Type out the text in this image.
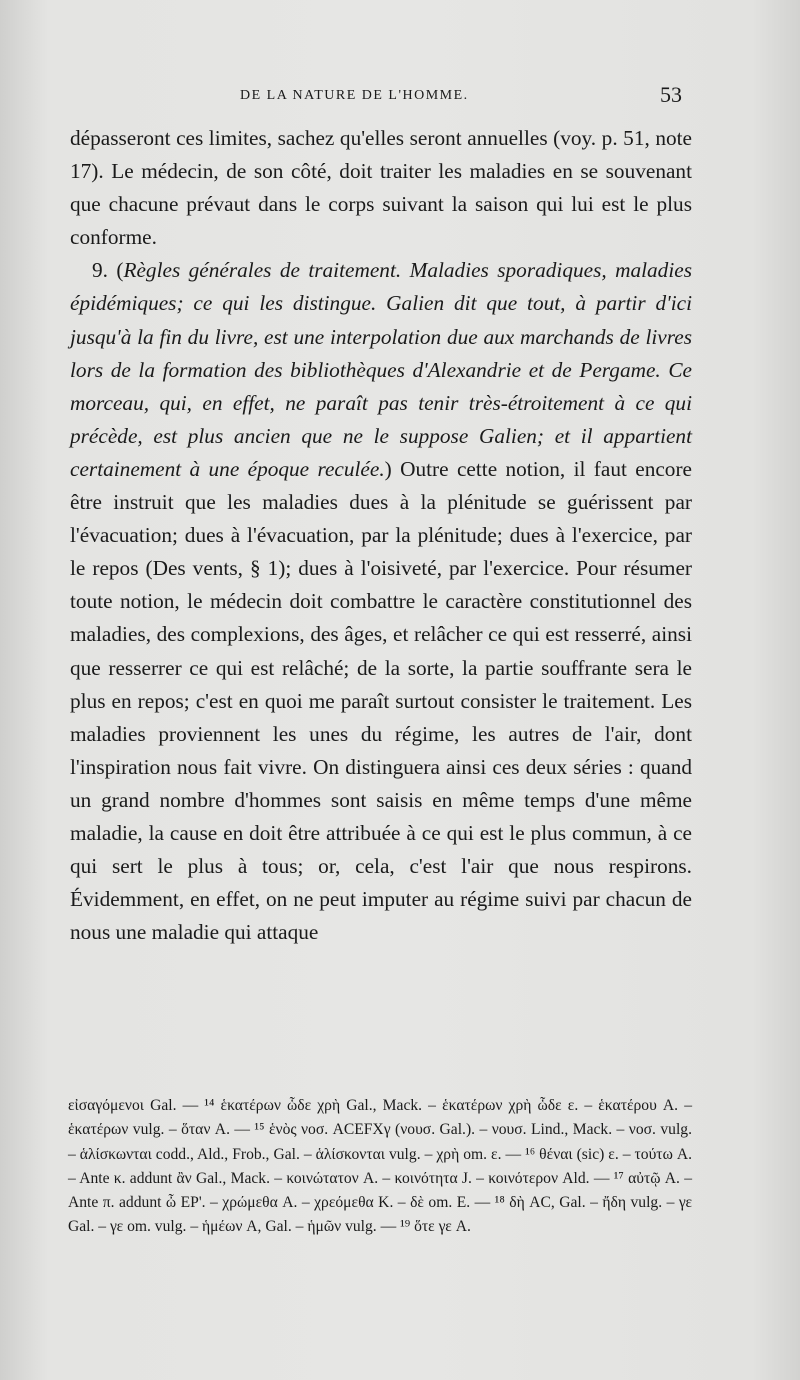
DE LA NATURE DE L'HOMME.	53

dépasseront ces limites, sachez qu'elles seront annuelles (voy. p. 51, note 17). Le médecin, de son côté, doit traiter les maladies en se souvenant que chacune prévaut dans le corps suivant la saison qui lui est le plus conforme.

9. (Règles générales de traitement. Maladies sporadiques, maladies épidémiques; ce qui les distingue. Galien dit que tout, à partir d'ici jusqu'à la fin du livre, est une interpolation due aux marchands de livres lors de la formation des bibliothèques d'Alexandrie et de Pergame. Ce morceau, qui, en effet, ne paraît pas tenir très-étroitement à ce qui précède, est plus ancien que ne le suppose Galien; et il appartient certainement à une époque reculée.) Outre cette notion, il faut encore être instruit que les maladies dues à la plénitude se guérissent par l'évacuation; dues à l'évacuation, par la plénitude; dues à l'exercice, par le repos (Des vents, § 1); dues à l'oisiveté, par l'exercice. Pour résumer toute notion, le médecin doit combattre le caractère constitutionnel des maladies, des complexions, des âges, et relâcher ce qui est resserré, ainsi que resserrer ce qui est relâché; de la sorte, la partie souffrante sera le plus en repos; c'est en quoi me paraît surtout consister le traitement. Les maladies proviennent les unes du régime, les autres de l'air, dont l'inspiration nous fait vivre. On distinguera ainsi ces deux séries : quand un grand nombre d'hommes sont saisis en même temps d'une même maladie, la cause en doit être attribuée à ce qui est le plus commun, à ce qui sert le plus à tous; or, cela, c'est l'air que nous respirons. Évidemment, en effet, on ne peut imputer au régime suivi par chacun de nous une maladie qui attaque

εἰσαγόμενοι Gal. — ¹⁴ ἑκατέρων ὧδε χρὴ Gal., Mack. – ἑκατέρων χρὴ ὧδε ε. – ἑκατέρου A. – ἑκατέρων vulg. – ὅταν A. — ¹⁵ ἑνὸς νοσ. ACEFXγ (νουσ. Gal.). – νουσ. Lind., Mack. – νοσ. vulg. – ἁλίσκωνται codd., Ald., Frob., Gal. – ἁλίσκονται vulg. – χρὴ om. ε. — ¹⁶ θέναι (sic) ε. – τούτω A. – Ante κ. addunt ἂν Gal., Mack. – κοινώτατον A. – κοινότητα J. – κοινότερον Ald. — ¹⁷ αὐτῷ A. – Ante π. addunt ὦ EP'. – χρώμεθα A. – χρεόμεθα K. – δὲ om. E. — ¹⁸ δὴ AC, Gal. – ἤδη vulg. – γε Gal. – γε om. vulg. – ἡμέων A, Gal. – ἡμῶν vulg. — ¹⁹ ὅτε γε A.
